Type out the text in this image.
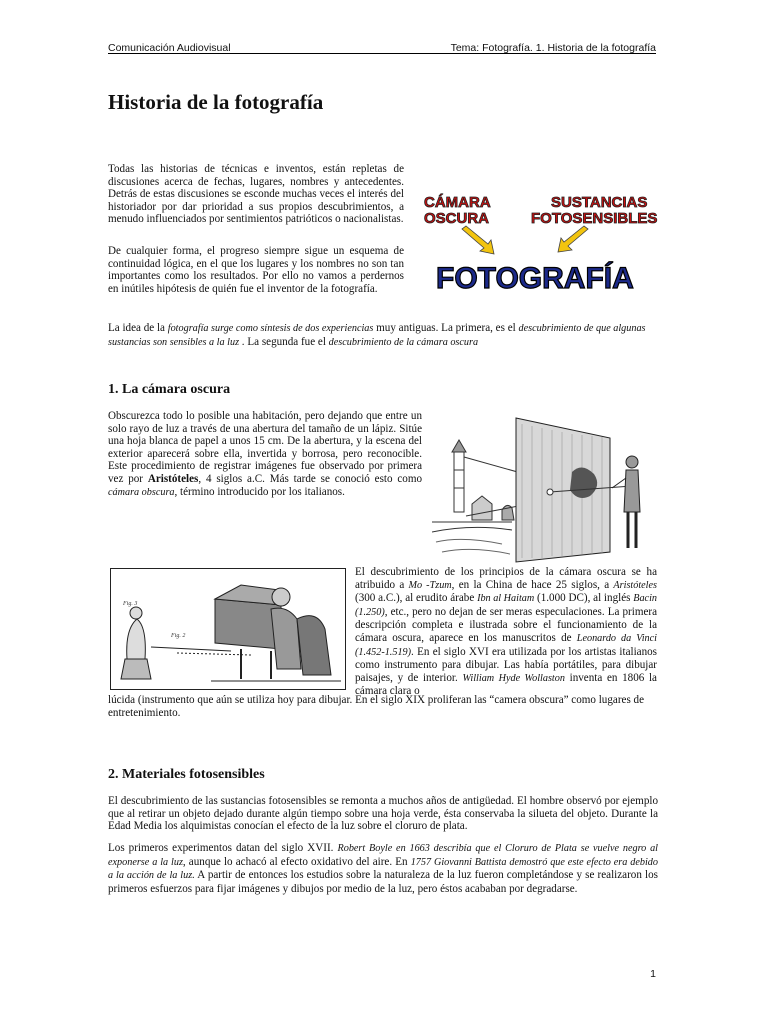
Comunicación Audiovisual	Tema: Fotografía. 1. Historia de la fotografía
Historia de la fotografía
Todas las historias de técnicas e inventos, están repletas de discusiones acerca de fechas, lugares, nombres y antecedentes. Detrás de estas discusiones se esconde muchas veces el interés del historiador por dar prioridad a sus propios descubrimientos, a menudo influenciados por sentimientos patrióticos o nacionalistas.
De cualquier forma, el progreso siempre sigue un esquema de continuidad lógica, en el que los lugares y los nombres no son tan importantes como los resultados. Por ello no vamos a perdernos en inútiles hipótesis de quién fue el inventor de la fotografía.
CÁMARA
OSCURA
SUSTANCIAS
FOTOSENSIBLES
FOTOGRAFÍA
La idea de la fotografía surge como síntesis de dos experiencias muy antiguas. La primera, es el descubrimiento de que algunas sustancias son sensibles a la luz . La segunda fue el descubrimiento de la cámara oscura
1. La cámara oscura
Obscurezca todo lo posible una habitación, pero dejando que entre un solo rayo de luz a través de una abertura del tamaño de un lápiz. Sitúe una hoja blanca de papel a unos 15 cm. De la abertura, y la escena del exterior aparecerá sobre ella, invertida y borrosa, pero reconocible. Este procedimiento de registrar imágenes fue observado por primera vez por Aristóteles, 4 siglos a.C. Más tarde se conoció esto como cámara obscura, término introducido por los italianos.
Fig. 2
Fig. 3
El descubrimiento de los principios de la cámara oscura se ha atribuido a Mo -Tzum, en la China de hace 25 siglos, a Aristóteles (300 a.C.), al erudito árabe Ibn al Haitam (1.000 DC), al inglés Bacin (1.250), etc., pero no dejan de ser meras especulaciones. La primera descripción completa e ilustrada sobre el funcionamiento de la cámara oscura, aparece en los manuscritos de Leonardo da Vinci (1.452-1.519). En el siglo XVI era utilizada por los artistas italianos como instrumento para dibujar. Las había portátiles, para dibujar paisajes, y de interior. William Hyde Wollaston inventa en 1806 la cámara clara o
lúcida (instrumento que aún se utiliza hoy para dibujar. En el siglo XIX proliferan las “camera obscura” como lugares de entretenimiento.
2. Materiales fotosensibles
El descubrimiento de las sustancias fotosensibles se remonta a muchos años de antigüedad. El hombre observó por ejemplo que al retirar un objeto dejado durante algún tiempo sobre una hoja verde, ésta conservaba la silueta del objeto. Durante la Edad Media los alquimistas conocían el efecto de la luz sobre el cloruro de plata.
Los primeros experimentos datan del siglo XVII. Robert Boyle en 1663 describía que el Cloruro de Plata se vuelve negro al exponerse a la luz, aunque lo achacó al efecto oxidativo del aire. En 1757 Giovanni Battista demostró que este efecto era debido a la acción de la luz. A partir de entonces los estudios sobre la naturaleza de la luz fueron completándose y se realizaron los primeros esfuerzos para fijar imágenes y dibujos por medio de la luz, pero éstos acababan por degradarse.
1
